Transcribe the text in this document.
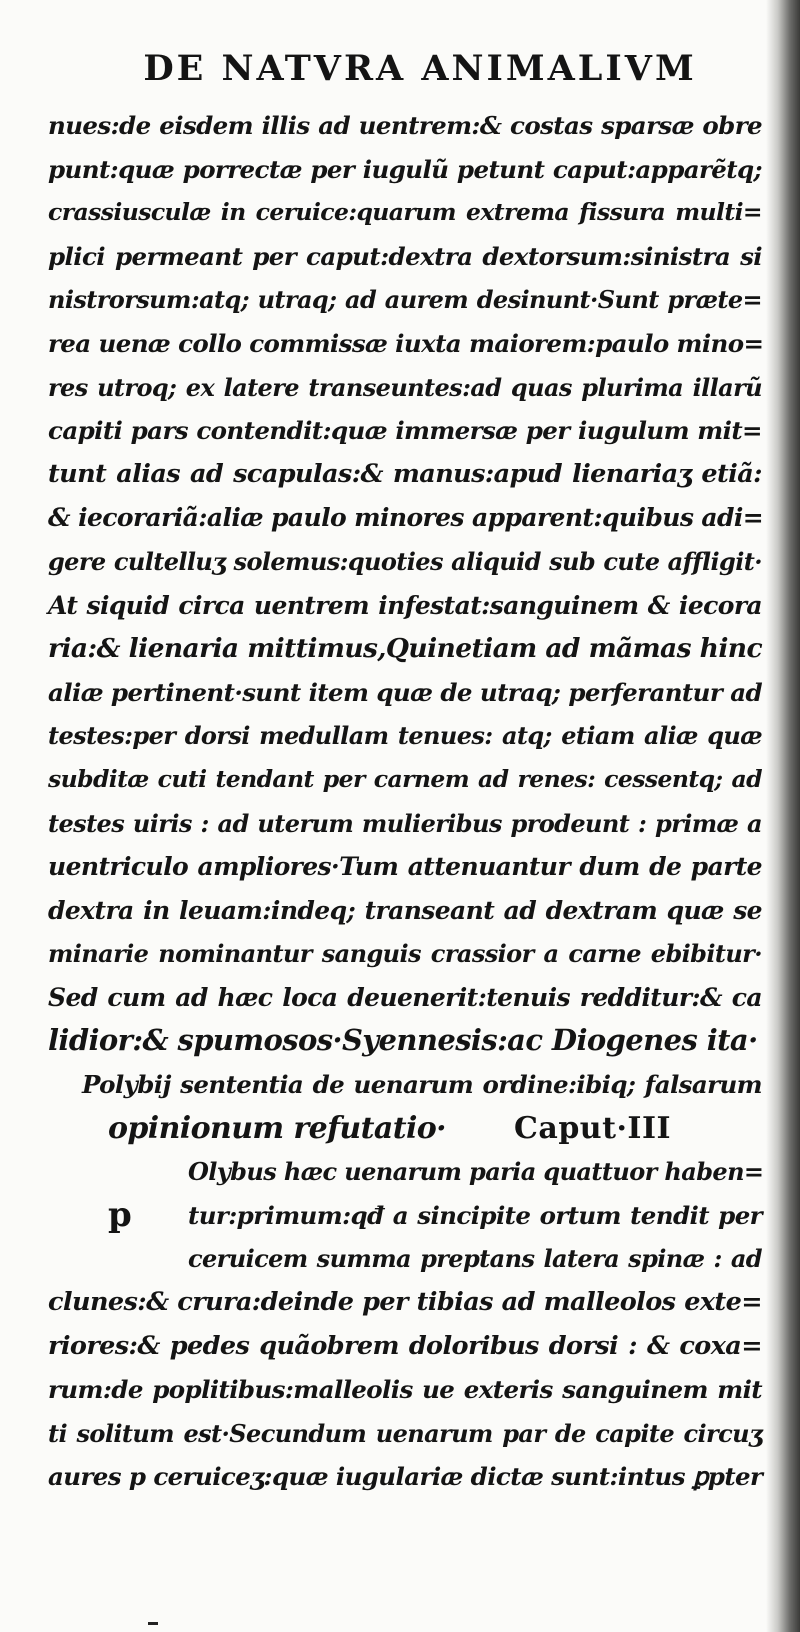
DE NATVRA ANIMALIVM
nues:de eisdem illis ad uentrem:& costas sparsæ obre
punt:quæ porrectæ per iugulũ petunt caput:apparẽtq;
crassiusculæ in ceruice:quarum extrema fissura multi=
plici permeant per caput:dextra dextorsum:sinistra si
nistrorsum:atq; utraq; ad aurem desinunt·Sunt præte=
rea uenæ collo commissæ iuxta maiorem:paulo mino=
res utroq; ex latere transeuntes:ad quas plurima illarũ
capiti pars contendit:quæ immersæ per iugulum mit=
tunt alias ad scapulas:& manus:apud lienariaʒ etiã:
& iecorariã:aliæ paulo minores apparent:quibus adi=
gere cultelluʒ solemus:quoties aliquid sub cute affligit·
At siquid circa uentrem infestat:sanguinem & iecora
ria:& lienaria mittimus,Quinetiam ad mãmas hinc
aliæ pertinent·sunt item quæ de utraq; perferantur ad
testes:per dorsi medullam tenues: atq; etiam aliæ quæ
subditæ cuti tendant per carnem ad renes: cessentq; ad
testes uiris : ad uterum mulieribus prodeunt : primæ a
uentriculo ampliores·Tum attenuantur dum de parte
dextra in leuam:indeq; transeant ad dextram quæ se
minarie nominantur sanguis crassior a carne ebibitur·
Sed cum ad hæc loca deuenerit:tenuis redditur:& ca
lidior:& spumosos·Syennesis:ac Diogenes ita·
Polybij sententia de uenarum ordine:ibiq; falsarum
opinionum refutatio· Caput·III
p
Olybus hæc uenarum paria quattuor haben=
tur:primum:qđ a sincipite ortum tendit per
ceruicem summa preptans latera spinæ : ad
clunes:& crura:deinde per tibias ad malleolos exte=
riores:& pedes quãobrem doloribus dorsi : & coxa=
rum:de poplitibus:malleolis ue exteris sanguinem mit
ti solitum est·Secundum uenarum par de capite circuʒ
aures p ceruiceʒ:quæ iugulariæ dictæ sunt:intus ꝑpter
